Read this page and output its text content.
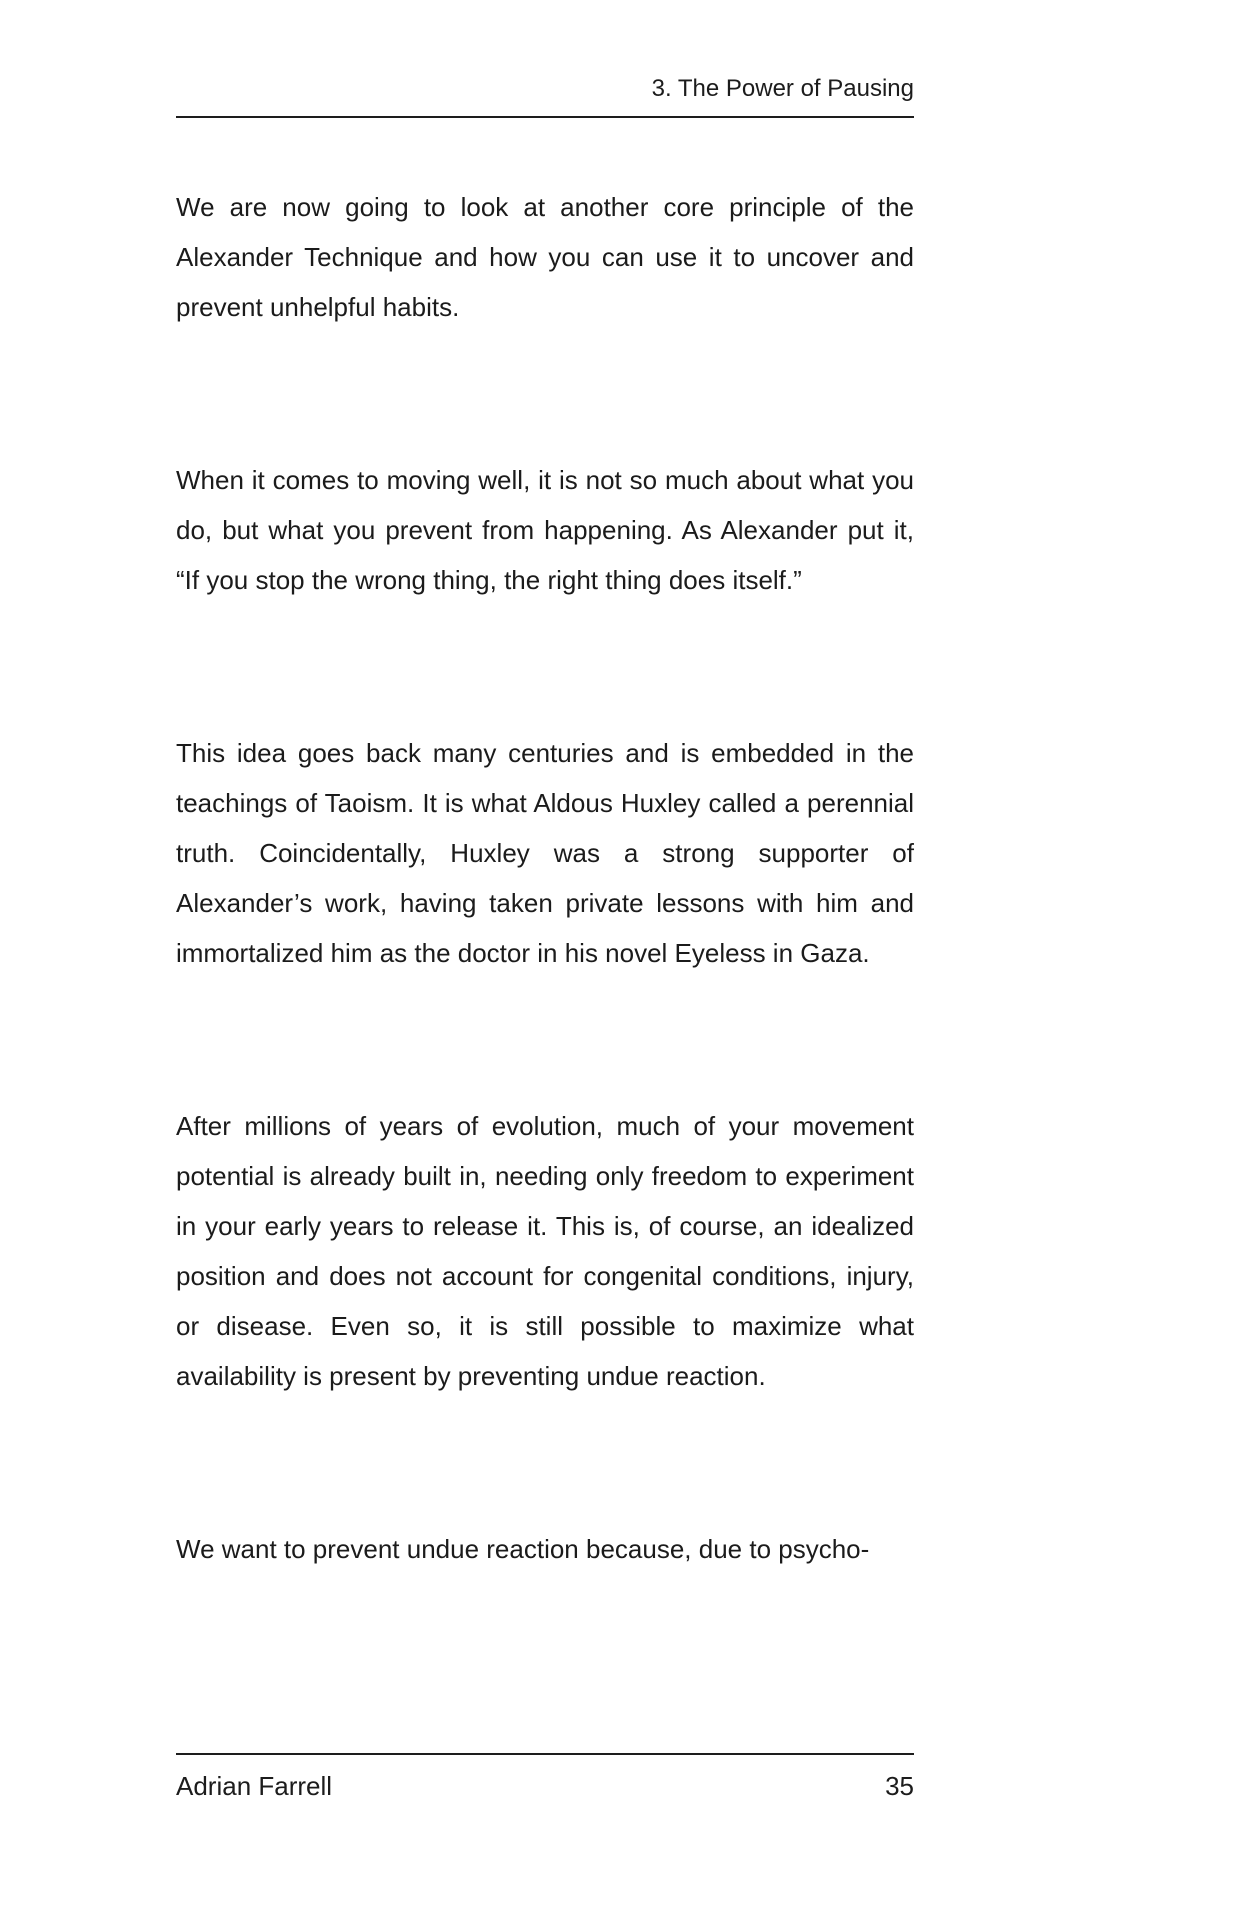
3. The Power of Pausing

We are now going to look at another core principle of the Alexander Technique and how you can use it to uncover and prevent unhelpful habits.

When it comes to moving well, it is not so much about what you do, but what you prevent from happening. As Alexander put it, “If you stop the wrong thing, the right thing does itself.”

This idea goes back many centuries and is embedded in the teachings of Taoism. It is what Aldous Huxley called a perennial truth. Coincidentally, Huxley was a strong supporter of Alexander’s work, having taken private lessons with him and immortalized him as the doctor in his novel Eyeless in Gaza.

After millions of years of evolution, much of your movement potential is already built in, needing only freedom to experiment in your early years to release it. This is, of course, an idealized position and does not account for congenital conditions, injury, or disease. Even so, it is still possible to maximize what availability is present by preventing undue reaction.

We want to prevent undue reaction because, due to psycho-

Adrian Farrell	35
